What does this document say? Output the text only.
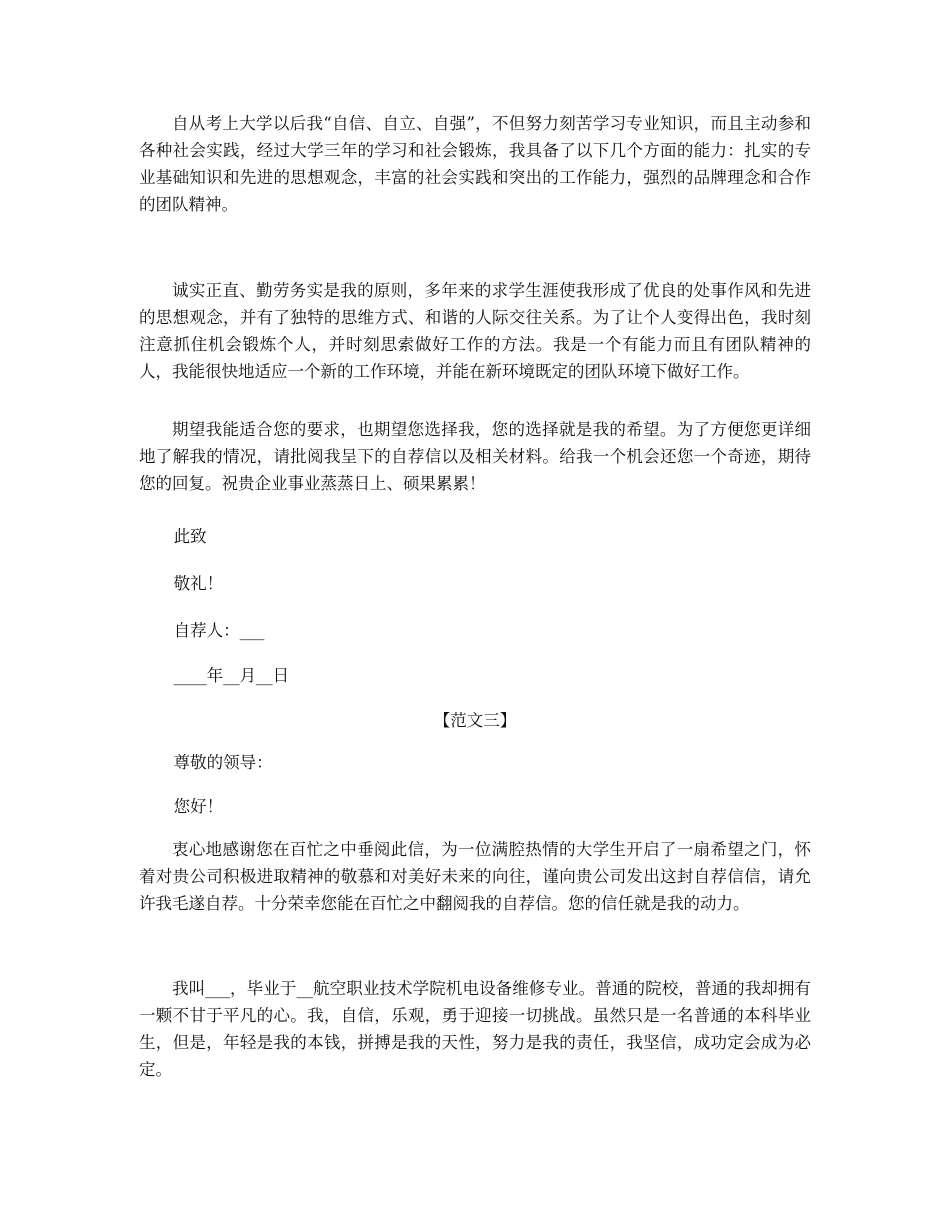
自从考上大学以后我“自信、自立、自强”，不但努力刻苦学习专业知识，而且主动参和各种社会实践，经过大学三年的学习和社会锻炼，我具备了以下几个方面的能力：扎实的专业基础知识和先进的思想观念，丰富的社会实践和突出的工作能力，强烈的品牌理念和合作的团队精神。

诚实正直、勤劳务实是我的原则，多年来的求学生涯使我形成了优良的处事作风和先进的思想观念，并有了独特的思维方式、和谐的人际交往关系。为了让个人变得出色，我时刻注意抓住机会锻炼个人，并时刻思索做好工作的方法。我是一个有能力而且有团队精神的人，我能很快地适应一个新的工作环境，并能在新环境既定的团队环境下做好工作。

期望我能适合您的要求，也期望您选择我，您的选择就是我的希望。为了方便您更详细地了解我的情况，请批阅我呈下的自荐信以及相关材料。给我一个机会还您一个奇迹，期待您的回复。祝贵企业事业蒸蒸日上、硕果累累！

此致

敬礼！

自荐人：___

____年__月__日

【范文三】

尊敬的领导：

您好！

衷心地感谢您在百忙之中垂阅此信，为一位满腔热情的大学生开启了一扇希望之门，怀着对贵公司积极进取精神的敬慕和对美好未来的向往，谨向贵公司发出这封自荐信信，请允许我毛遂自荐。十分荣幸您能在百忙之中翻阅我的自荐信。您的信任就是我的动力。

我叫___，毕业于__航空职业技术学院机电设备维修专业。普通的院校，普通的我却拥有一颗不甘于平凡的心。我，自信，乐观，勇于迎接一切挑战。虽然只是一名普通的本科毕业生，但是，年轻是我的本钱，拼搏是我的天性，努力是我的责任，我坚信，成功定会成为必定。
